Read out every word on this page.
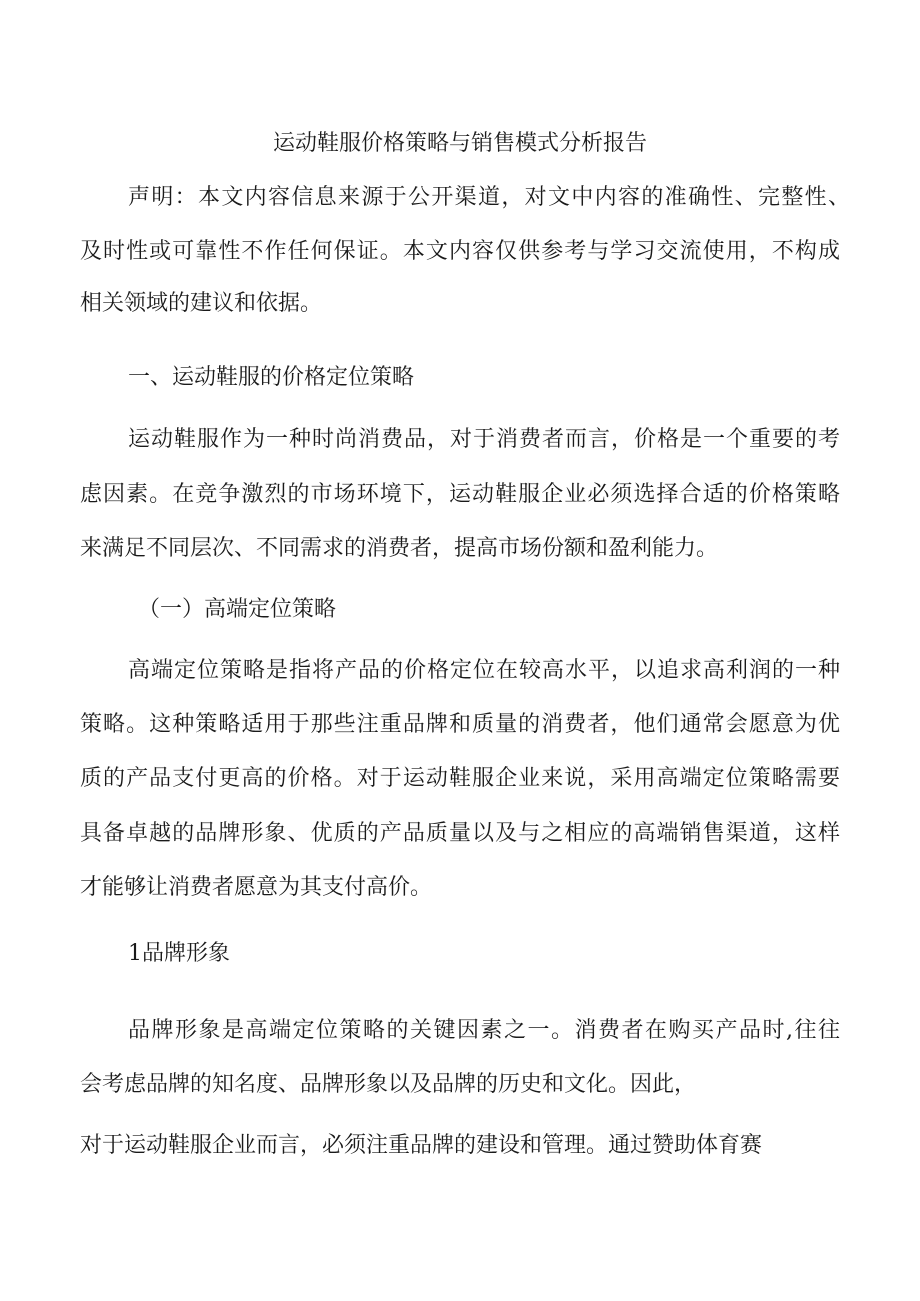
运动鞋服价格策略与销售模式分析报告
声明：本文内容信息来源于公开渠道，对文中内容的准确性、完整性、
及时性或可靠性不作任何保证。本文内容仅供参考与学习交流使用，不构成
相关领域的建议和依据。
一、运动鞋服的价格定位策略
运动鞋服作为一种时尚消费品，对于消费者而言，价格是一个重要的考
虑因素。在竞争激烈的市场环境下，运动鞋服企业必须选择合适的价格策略
来满足不同层次、不同需求的消费者，提高市场份额和盈利能力。
（一）高端定位策略
高端定位策略是指将产品的价格定位在较高水平，以追求高利润的一种
策略。这种策略适用于那些注重品牌和质量的消费者，他们通常会愿意为优
质的产品支付更高的价格。对于运动鞋服企业来说，采用高端定位策略需要
具备卓越的品牌形象、优质的产品质量以及与之相应的高端销售渠道，这样
才能够让消费者愿意为其支付高价。
1品牌形象
品牌形象是高端定位策略的关键因素之一。消费者在购买产品时,往往
会考虑品牌的知名度、品牌形象以及品牌的历史和文化。因此，
对于运动鞋服企业而言，必须注重品牌的建设和管理。通过赞助体育赛
